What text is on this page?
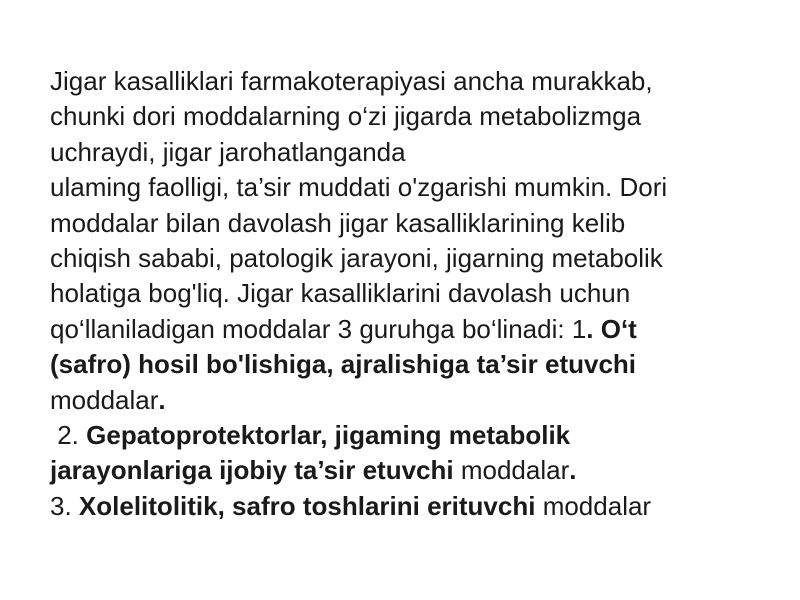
Jigar kasalliklari farmakoterapiyasi ancha murakkab,
chunki dori moddalarning o‘zi jigarda metabolizmga
uchraydi, jigar jarohatlanganda
ulaming faolligi, ta’sir muddati o'zgarishi mumkin. Dori
moddalar bilan davolash jigar kasalliklarining kelib
chiqish sababi, patologik jarayoni, jigarning metabolik
holatiga bog'liq. Jigar kasalliklarini davolash uchun
qo‘llaniladigan moddalar 3 guruhga bo‘linadi: 1. O‘t
(safro) hosil bo'lishiga, ajralishiga ta’sir etuvchi
moddalar.
2. Gepatoprotektorlar, jigaming metabolik
jarayonlariga ijobiy ta’sir etuvchi moddalar.
3. Xolelitolitik, safro toshlarini erituvchi moddalar
